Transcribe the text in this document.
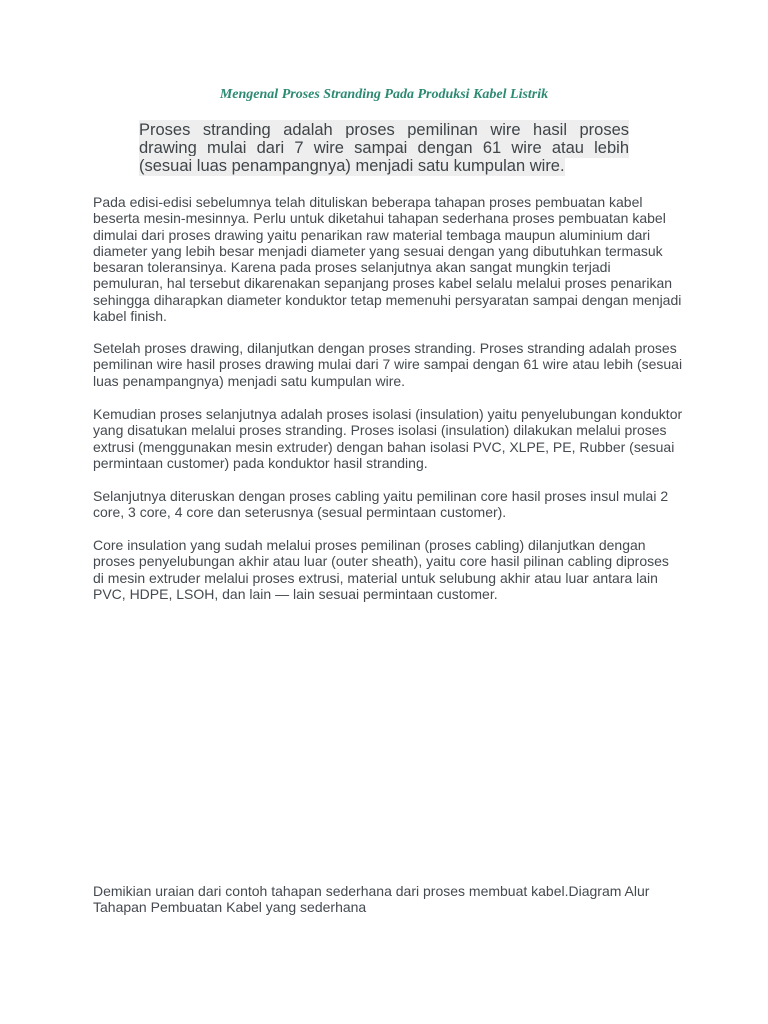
Mengenal Proses Stranding Pada Produksi Kabel Listrik
Proses stranding adalah proses pemilinan wire hasil proses drawing mulai dari 7 wire sampai dengan 61 wire atau lebih (sesuai luas penampangnya) menjadi satu kumpulan wire.

Pada edisi-edisi sebelumnya telah dituliskan beberapa tahapan proses pembuatan kabel beserta mesin-mesinnya. Perlu untuk diketahui tahapan sederhana proses pembuatan kabel dimulai dari proses drawing yaitu penarikan raw material tembaga maupun aluminium dari diameter yang lebih besar menjadi diameter yang sesuai dengan yang dibutuhkan termasuk besaran toleransinya. Karena pada proses selanjutnya akan sangat mungkin terjadi pemuluran, hal tersebut dikarenakan sepanjang proses kabel selalu melalui proses penarikan sehingga diharapkan diameter konduktor tetap memenuhi persyaratan sampai dengan menjadi kabel finish.

Setelah proses drawing, dilanjutkan dengan proses stranding. Proses stranding adalah proses pemilinan wire hasil proses drawing mulai dari 7 wire sampai dengan 61 wire atau lebih (sesuai luas penampangnya) menjadi satu kumpulan wire.

Kemudian proses selanjutnya adalah proses isolasi (insulation) yaitu penyelubungan konduktor yang disatukan melalui proses stranding. Proses isolasi (insulation) dilakukan melalui proses extrusi (menggunakan mesin extruder) dengan bahan isolasi PVC, XLPE, PE, Rubber (sesuai permintaan customer) pada konduktor hasil stranding.

Selanjutnya diteruskan dengan proses cabling yaitu pemilinan core hasil proses insul mulai 2 core, 3 core, 4 core dan seterusnya (sesual permintaan customer).

Core insulation yang sudah melalui proses pemilinan (proses cabling) dilanjutkan dengan proses penyelubungan akhir atau luar (outer sheath), yaitu core hasil pilinan cabling diproses di mesin extruder melalui proses extrusi, material untuk selubung akhir atau luar antara lain PVC, HDPE, LSOH, dan lain — lain sesuai permintaan customer.

Demikian uraian dari contoh tahapan sederhana dari proses membuat kabel.Diagram Alur Tahapan Pembuatan Kabel yang sederhana
